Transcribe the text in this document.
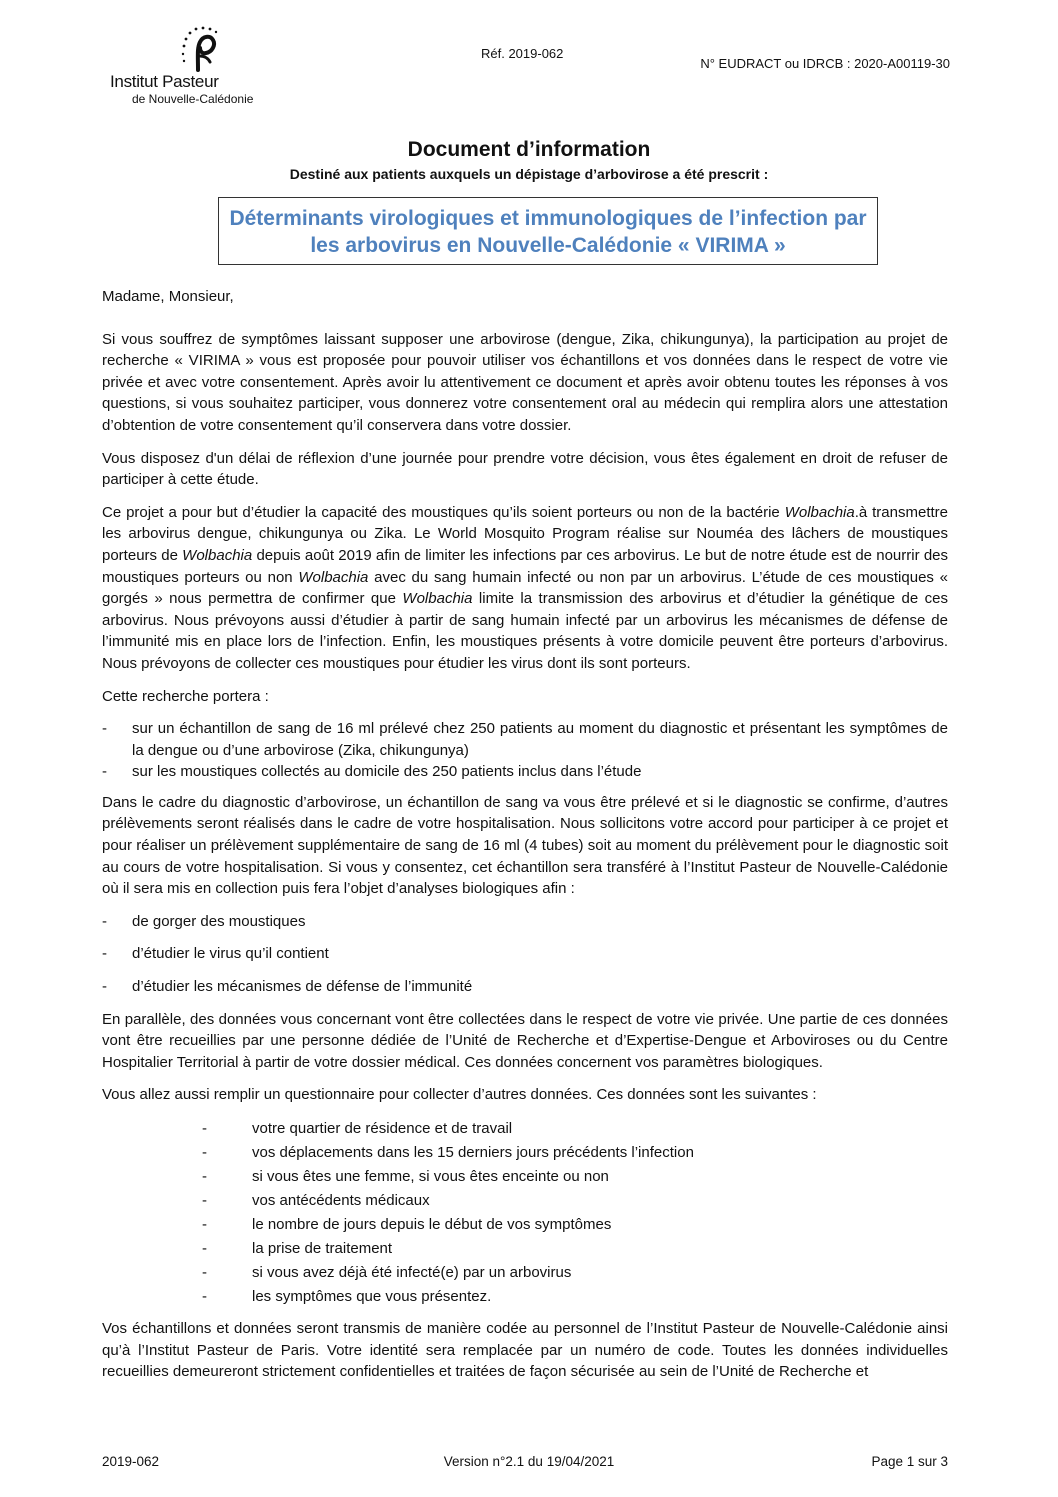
Institut Pasteur
de Nouvelle-Calédonie
Réf. 2019-062
N° EUDRACT ou IDRCB : 2020-A00119-30
Document d’information

Destiné aux patients auxquels un dépistage d’arbovirose a été prescrit :

Déterminants virologiques et immunologiques de l’infection par
les arbovirus en Nouvelle-Calédonie « VIRIMA »

Madame, Monsieur,

Si vous souffrez de symptômes laissant supposer une arbovirose (dengue, Zika, chikungunya), la participation au projet de recherche « VIRIMA » vous est proposée pour pouvoir utiliser vos échantillons et vos données dans le respect de votre vie privée et avec votre consentement. Après avoir lu attentivement ce document et après avoir obtenu toutes les réponses à vos questions, si vous souhaitez participer, vous donnerez votre consentement oral au médecin qui remplira alors une attestation d’obtention de votre consentement qu’il conservera dans votre dossier.

Vous disposez d'un délai de réflexion d’une journée pour prendre votre décision, vous êtes également en droit de refuser de participer à cette étude.

Ce projet a pour but d’étudier la capacité des moustiques qu’ils soient porteurs ou non de la bactérie Wolbachia.à transmettre les arbovirus dengue, chikungunya ou Zika. Le World Mosquito Program réalise sur Nouméa des lâchers de moustiques porteurs de Wolbachia depuis août 2019 afin de limiter les infections par ces arbovirus. Le but de notre étude est de nourrir des moustiques porteurs ou non Wolbachia avec du sang humain infecté ou non par un arbovirus. L’étude de ces moustiques « gorgés » nous permettra de confirmer que Wolbachia limite la transmission des arbovirus et d’étudier la génétique de ces arbovirus. Nous prévoyons aussi d’étudier à partir de sang humain infecté par un arbovirus les mécanismes de défense de l’immunité mis en place lors de l’infection. Enfin, les moustiques présents à votre domicile peuvent être porteurs d’arbovirus. Nous prévoyons de collecter ces moustiques pour étudier les virus dont ils sont porteurs.

Cette recherche portera :

- sur un échantillon de sang de 16 ml prélevé chez 250 patients au moment du diagnostic et présentant les symptômes de la dengue ou d’une arbovirose (Zika, chikungunya)
- sur les moustiques collectés au domicile des 250 patients inclus dans l’étude

Dans le cadre du diagnostic d’arbovirose, un échantillon de sang va vous être prélevé et si le diagnostic se confirme, d’autres prélèvements seront réalisés dans le cadre de votre hospitalisation. Nous sollicitons votre accord pour participer à ce projet et pour réaliser un prélèvement supplémentaire de sang de 16 ml (4 tubes) soit au moment du prélèvement pour le diagnostic soit au cours de votre hospitalisation. Si vous y consentez, cet échantillon sera transféré à l’Institut Pasteur de Nouvelle-Calédonie où il sera mis en collection puis fera l’objet d’analyses biologiques afin :

- de gorger des moustiques
- d’étudier le virus qu’il contient
- d’étudier les mécanismes de défense de l’immunité

En parallèle, des données vous concernant vont être collectées dans le respect de votre vie privée. Une partie de ces données vont être recueillies par une personne dédiée de l’Unité de Recherche et d’Expertise-Dengue et Arboviroses ou du Centre Hospitalier Territorial à partir de votre dossier médical. Ces données concernent vos paramètres biologiques.

Vous allez aussi remplir un questionnaire pour collecter d’autres données. Ces données sont les suivantes :

- votre quartier de résidence et de travail
- vos déplacements dans les 15 derniers jours précédents l’infection
- si vous êtes une femme, si vous êtes enceinte ou non
- vos antécédents médicaux
- le nombre de jours depuis le début de vos symptômes
- la prise de traitement
- si vous avez déjà été infecté(e) par un arbovirus
- les symptômes que vous présentez.

Vos échantillons et données seront transmis de manière codée au personnel de l’Institut Pasteur de Nouvelle-Calédonie ainsi qu’à l’Institut Pasteur de Paris. Votre identité sera remplacée par un numéro de code. Toutes les données individuelles recueillies demeureront strictement confidentielles et traitées de façon sécurisée au sein de l’Unité de Recherche et

2019-062	Version n°2.1 du 19/04/2021	Page 1 sur 3
